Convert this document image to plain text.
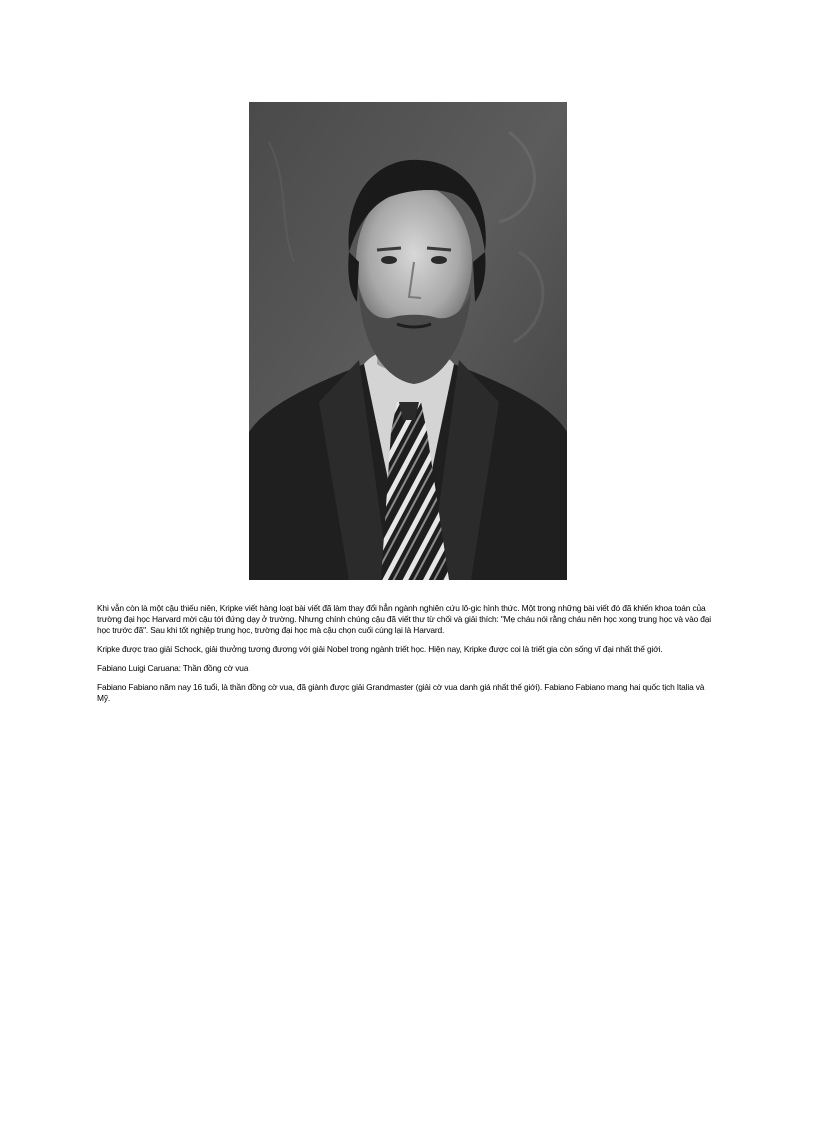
Khi vẫn còn là một cậu thiếu niên, Kripke viết hàng loạt bài viết đã làm thay đổi hẳn ngành nghiên cứu lô-gic hình thức. Một trong những bài viết đó đã khiến khoa toán của trường đại học Harvard mời cậu tới đứng dạy ở trường. Nhưng chính chúng cậu đã viết thư từ chối và giải thích: "Mẹ cháu nói rằng cháu nên học xong trung học và vào đại học trước đã". Sau khi tốt nghiệp trung học, trường đại học mà cậu chọn cuối cùng lại là Harvard.

Kripke được trao giải Schock, giải thưởng tương đương với giải Nobel trong ngành triết học. Hiện nay, Kripke được coi là triết gia còn sống vĩ đại nhất thế giới.

Fabiano Luigi Caruana: Thần đồng cờ vua

Fabiano Fabiano năm nay 16 tuổi, là thần đồng cờ vua, đã giành được giải Grandmaster (giải cờ vua danh giá nhất thế giới). Fabiano Fabiano mang hai quốc tịch Italia và Mỹ.
